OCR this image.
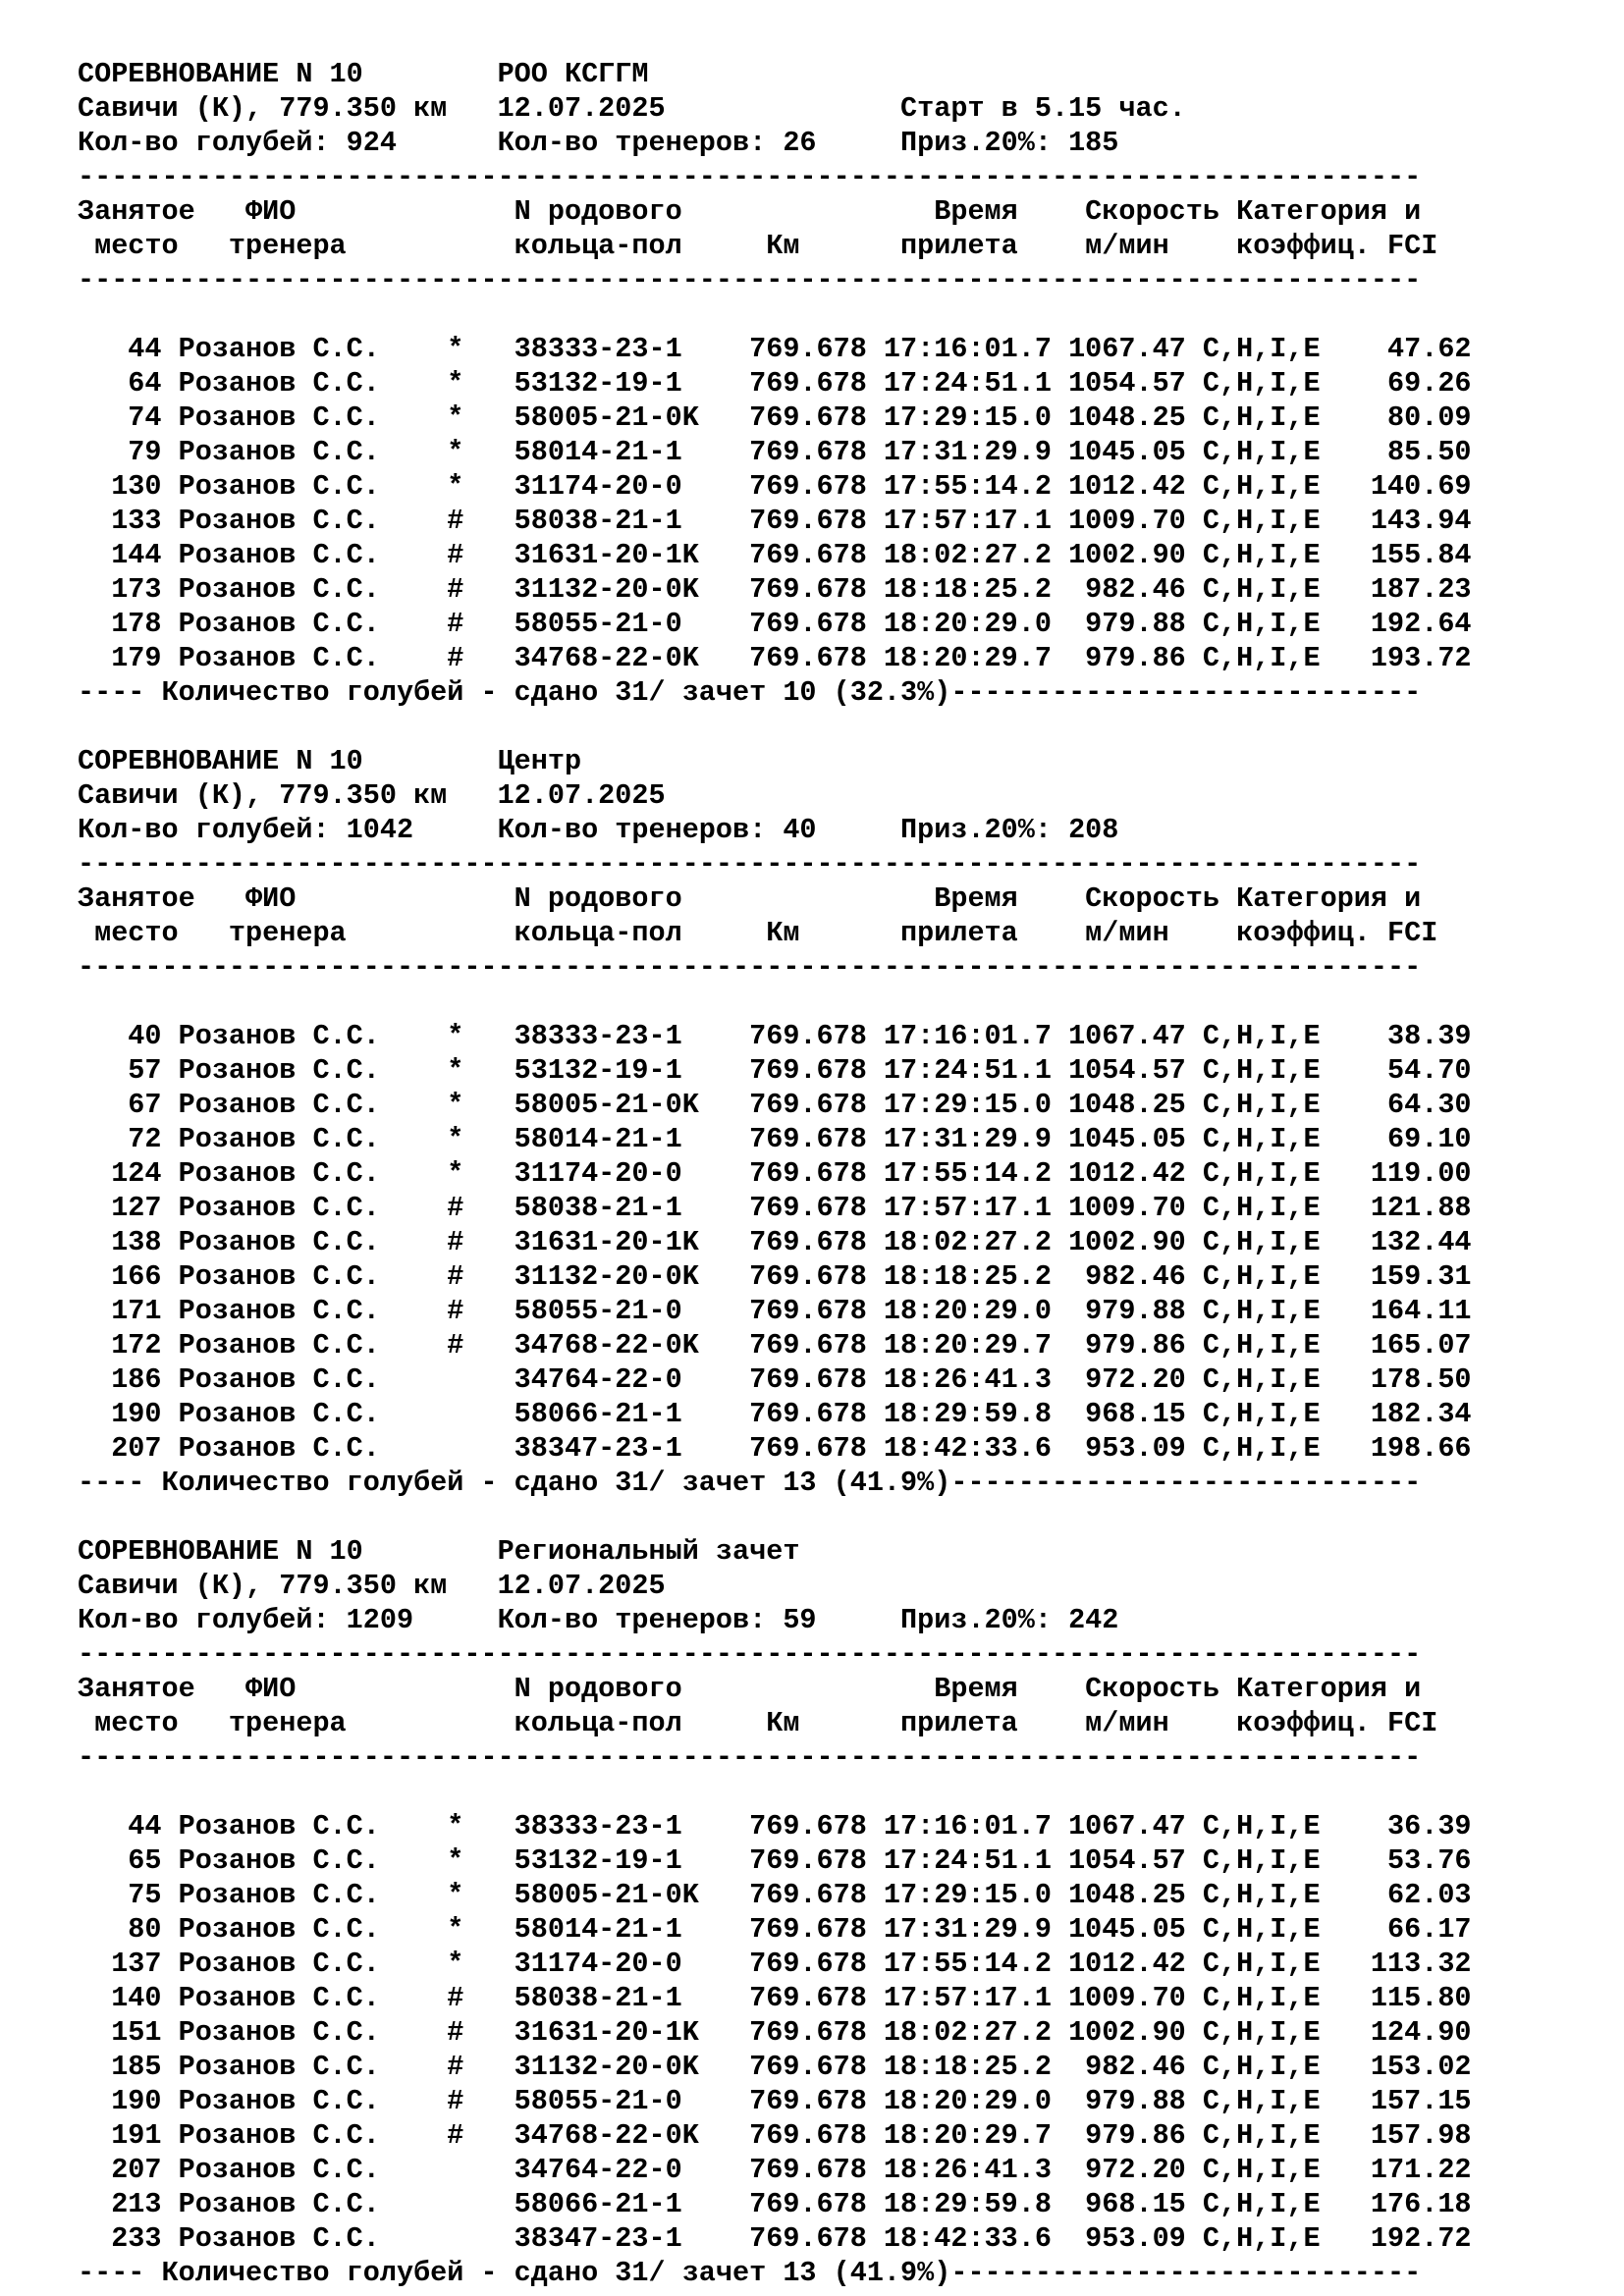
СОРЕВНОВАНИЕ N 10        РОО КСГГМ
Савичи (К), 779.350 км   12.07.2025              Старт в 5.15 час.
Кол-во голубей: 924      Кол-во тренеров: 26     Приз.20%: 185
--------------------------------------------------------------------------------
Занятое   ФИО             N родового               Время    Скорость Категория и
место   тренера          кольца-пол     Км      прилета    м/мин    коэффиц. FCI
--------------------------------------------------------------------------------
44 Розанов С.С.    *   38333-23-1    769.678 17:16:01.7 1067.47 C,H,I,E    47.62
64 Розанов С.С.    *   53132-19-1    769.678 17:24:51.1 1054.57 C,H,I,E    69.26
74 Розанов С.С.    *   58005-21-0K   769.678 17:29:15.0 1048.25 C,H,I,E    80.09
79 Розанов С.С.    *   58014-21-1    769.678 17:31:29.9 1045.05 C,H,I,E    85.50
130 Розанов С.С.    *   31174-20-0    769.678 17:55:14.2 1012.42 C,H,I,E   140.69
133 Розанов С.С.    #   58038-21-1    769.678 17:57:17.1 1009.70 C,H,I,E   143.94
144 Розанов С.С.    #   31631-20-1K   769.678 18:02:27.2 1002.90 C,H,I,E   155.84
173 Розанов С.С.    #   31132-20-0K   769.678 18:18:25.2  982.46 C,H,I,E   187.23
178 Розанов С.С.    #   58055-21-0    769.678 18:20:29.0  979.88 C,H,I,E   192.64
179 Розанов С.С.    #   34768-22-0K   769.678 18:20:29.7  979.86 C,H,I,E   193.72
---- Количество голубей - сдано 31/ зачет 10 (32.3%)----------------------------
СОРЕВНОВАНИЕ N 10        Центр
Савичи (К), 779.350 км   12.07.2025
Кол-во голубей: 1042     Кол-во тренеров: 40     Приз.20%: 208
--------------------------------------------------------------------------------
Занятое   ФИО             N родового               Время    Скорость Категория и
место   тренера          кольца-пол     Км      прилета    м/мин    коэффиц. FCI
--------------------------------------------------------------------------------
40 Розанов С.С.    *   38333-23-1    769.678 17:16:01.7 1067.47 C,H,I,E    38.39
57 Розанов С.С.    *   53132-19-1    769.678 17:24:51.1 1054.57 C,H,I,E    54.70
67 Розанов С.С.    *   58005-21-0K   769.678 17:29:15.0 1048.25 C,H,I,E    64.30
72 Розанов С.С.    *   58014-21-1    769.678 17:31:29.9 1045.05 C,H,I,E    69.10
124 Розанов С.С.    *   31174-20-0    769.678 17:55:14.2 1012.42 C,H,I,E   119.00
127 Розанов С.С.    #   58038-21-1    769.678 17:57:17.1 1009.70 C,H,I,E   121.88
138 Розанов С.С.    #   31631-20-1K   769.678 18:02:27.2 1002.90 C,H,I,E   132.44
166 Розанов С.С.    #   31132-20-0K   769.678 18:18:25.2  982.46 C,H,I,E   159.31
171 Розанов С.С.    #   58055-21-0    769.678 18:20:29.0  979.88 C,H,I,E   164.11
172 Розанов С.С.    #   34768-22-0K   769.678 18:20:29.7  979.86 C,H,I,E   165.07
186 Розанов С.С.        34764-22-0    769.678 18:26:41.3  972.20 C,H,I,E   178.50
190 Розанов С.С.        58066-21-1    769.678 18:29:59.8  968.15 C,H,I,E   182.34
207 Розанов С.С.        38347-23-1    769.678 18:42:33.6  953.09 C,H,I,E   198.66
---- Количество голубей - сдано 31/ зачет 13 (41.9%)----------------------------
СОРЕВНОВАНИЕ N 10        Региональный зачет
Савичи (К), 779.350 км   12.07.2025
Кол-во голубей: 1209     Кол-во тренеров: 59     Приз.20%: 242
--------------------------------------------------------------------------------
Занятое   ФИО             N родового               Время    Скорость Категория и
место   тренера          кольца-пол     Км      прилета    м/мин    коэффиц. FCI
--------------------------------------------------------------------------------
44 Розанов С.С.    *   38333-23-1    769.678 17:16:01.7 1067.47 C,H,I,E    36.39
65 Розанов С.С.    *   53132-19-1    769.678 17:24:51.1 1054.57 C,H,I,E    53.76
75 Розанов С.С.    *   58005-21-0K   769.678 17:29:15.0 1048.25 C,H,I,E    62.03
80 Розанов С.С.    *   58014-21-1    769.678 17:31:29.9 1045.05 C,H,I,E    66.17
137 Розанов С.С.    *   31174-20-0    769.678 17:55:14.2 1012.42 C,H,I,E   113.32
140 Розанов С.С.    #   58038-21-1    769.678 17:57:17.1 1009.70 C,H,I,E   115.80
151 Розанов С.С.    #   31631-20-1K   769.678 18:02:27.2 1002.90 C,H,I,E   124.90
185 Розанов С.С.    #   31132-20-0K   769.678 18:18:25.2  982.46 C,H,I,E   153.02
190 Розанов С.С.    #   58055-21-0    769.678 18:20:29.0  979.88 C,H,I,E   157.15
191 Розанов С.С.    #   34768-22-0K   769.678 18:20:29.7  979.86 C,H,I,E   157.98
207 Розанов С.С.        34764-22-0    769.678 18:26:41.3  972.20 C,H,I,E   171.22
213 Розанов С.С.        58066-21-1    769.678 18:29:59.8  968.15 C,H,I,E   176.18
233 Розанов С.С.        38347-23-1    769.678 18:42:33.6  953.09 C,H,I,E   192.72
---- Количество голубей - сдано 31/ зачет 13 (41.9%)----------------------------
